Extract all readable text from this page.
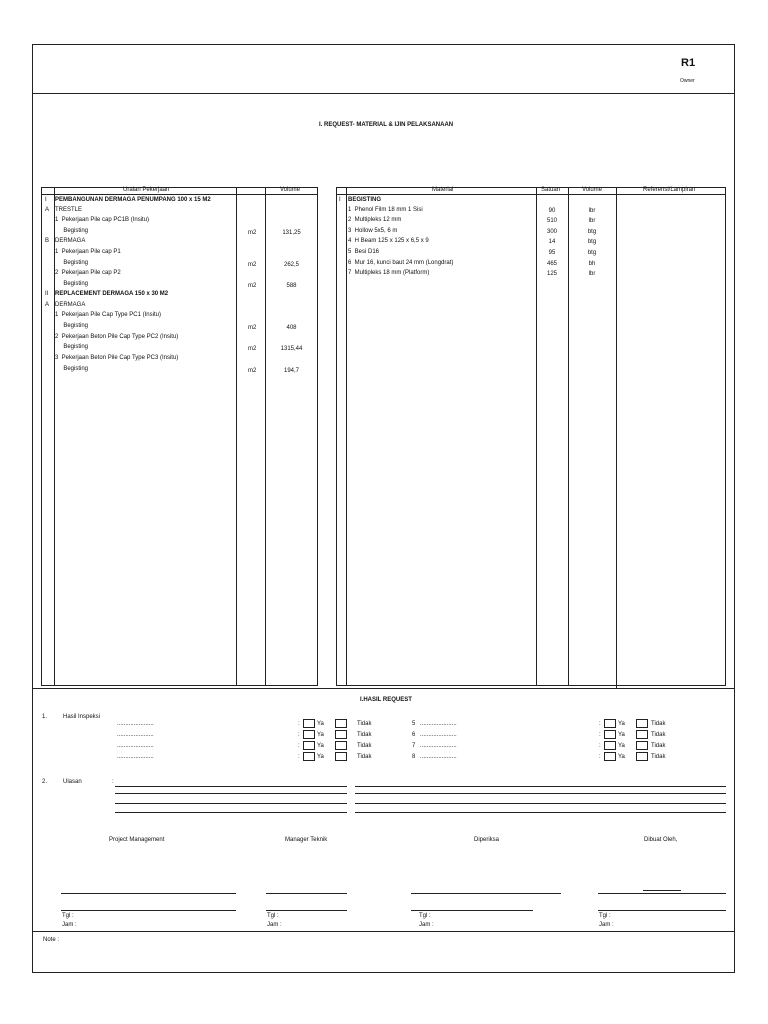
R1
Owner
I. REQUEST- MATERIAL & IJIN PELAKSANAAN
Uraian Pekerjaan	Volume
I PEMBANGUNAN DERMAGA PENUMPANG 100 x 15 M2
A TRESTLE
1  Pekerjaan Pile cap PC1B (Insitu)
Begisting	m2	131,25
B DERMAGA
1  Pekerjaan Pile cap P1
Begisting	m2	262,5
2  Pekerjaan Pile cap P2
Begisting	m2	588
II REPLACEMENT DERMAGA 150 x 30 M2
A DERMAGA
1  Pekerjaan Pile Cap Type PC1 (Insitu)
Begisting	m2	408
2  Pekerjaan Beton Pile Cap Type PC2 (Insitu)
Begisting	m2	1315,44
3  Pekerjaan Beton Pile Cap Type PC3 (Insitu)
Begisting	m2	194,7
Material	Satuan	Volume	Referensi/Lampiran
I BEGISTING
1  Phenol Film 18 mm 1 Sisi	90	lbr
2  Multipleks 12 mm	510	lbr
3  Hollow 5x5, 6 m	300	btg
4  H Beam 125 x 125 x 6,5 x 9	14	btg
5  Besi D16	95	btg
6  Mur 16, kunci baut 24 mm (Longdrat)	465	bh
7  Multipleks 18 mm (Platform)	125	lbr
I.HASIL REQUEST
1.	Hasil Inspeksi
......................	:	Ya	Tidak	5 ......................	:	Ya	Tidak
......................	:	Ya	Tidak	6 ......................	:	Ya	Tidak
......................	:	Ya	Tidak	7 ......................	:	Ya	Tidak
......................	:	Ya	Tidak	8 ......................	:	Ya	Tidak
2.	Ulasan	:
Project Management	Manager Teknik	Diperiksa	Dibuat Oleh,
Tgl :
Jam :
Tgl :
Jam :
Tgl :
Jam :
Tgl :
Jam :
Note :
